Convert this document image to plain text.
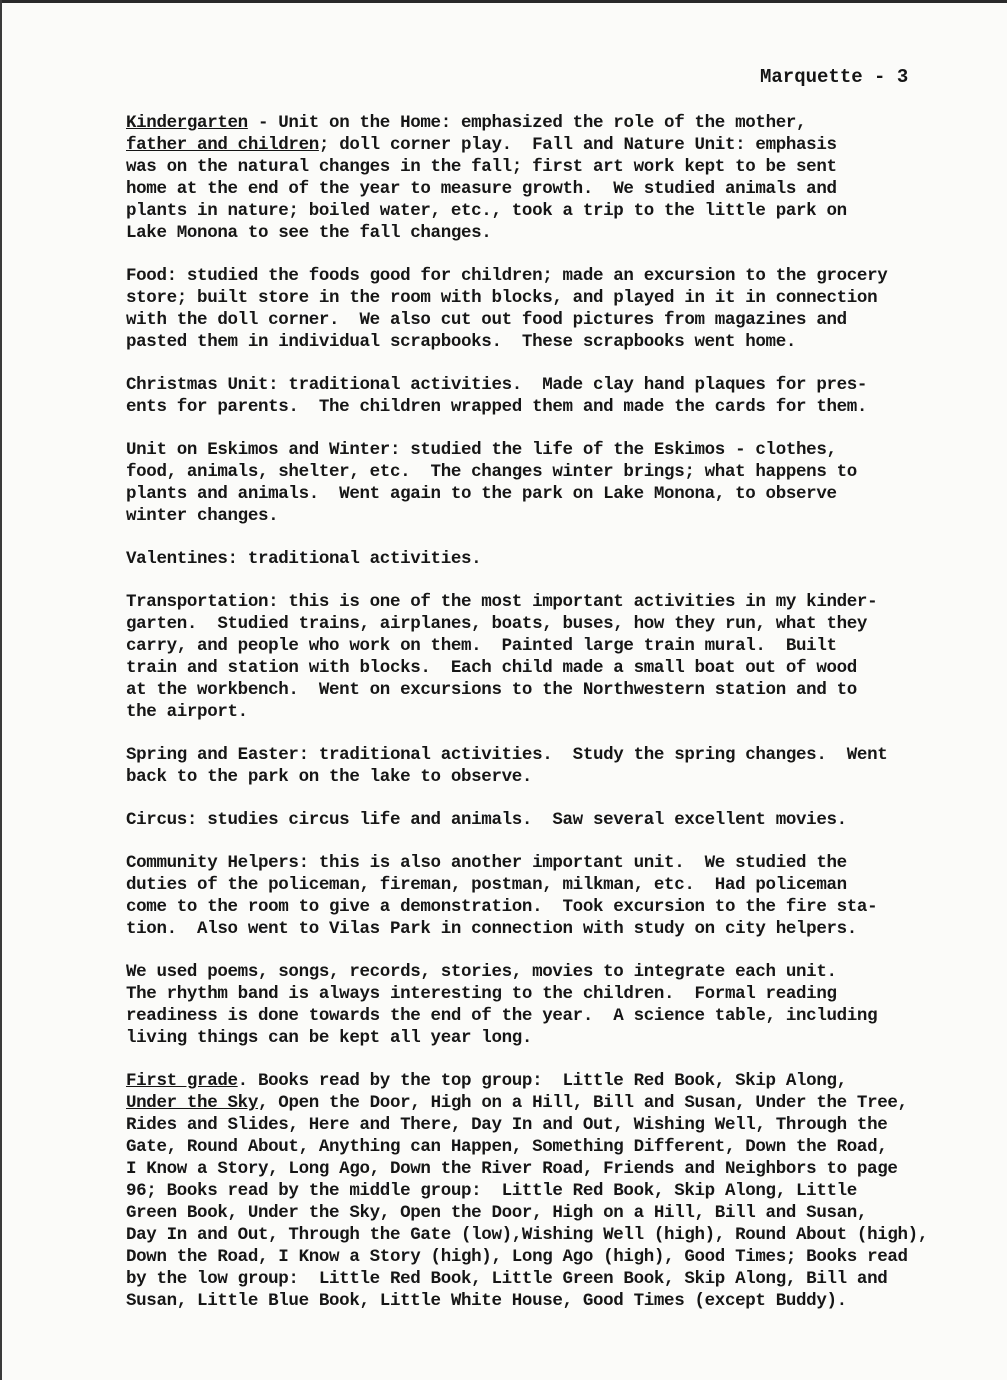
Marquette - 3

Kindergarten - Unit on the Home: emphasized the role of the mother,
father and children; doll corner play.  Fall and Nature Unit: emphasis
was on the natural changes in the fall; first art work kept to be sent
home at the end of the year to measure growth.  We studied animals and
plants in nature; boiled water, etc., took a trip to the little park on
Lake Monona to see the fall changes.

Food: studied the foods good for children; made an excursion to the grocery
store; built store in the room with blocks, and played in it in connection
with the doll corner.  We also cut out food pictures from magazines and
pasted them in individual scrapbooks.  These scrapbooks went home.

Christmas Unit: traditional activities.  Made clay hand plaques for pres-
ents for parents.  The children wrapped them and made the cards for them.

Unit on Eskimos and Winter: studied the life of the Eskimos - clothes,
food, animals, shelter, etc.  The changes winter brings; what happens to
plants and animals.  Went again to the park on Lake Monona, to observe
winter changes.

Valentines: traditional activities.

Transportation: this is one of the most important activities in my kinder-
garten.  Studied trains, airplanes, boats, buses, how they run, what they
carry, and people who work on them.  Painted large train mural.  Built
train and station with blocks.  Each child made a small boat out of wood
at the workbench.  Went on excursions to the Northwestern station and to
the airport.

Spring and Easter: traditional activities.  Study the spring changes.  Went
back to the park on the lake to observe.

Circus: studies circus life and animals.  Saw several excellent movies.

Community Helpers: this is also another important unit.  We studied the
duties of the policeman, fireman, postman, milkman, etc.  Had policeman
come to the room to give a demonstration.  Took excursion to the fire sta-
tion.  Also went to Vilas Park in connection with study on city helpers.

We used poems, songs, records, stories, movies to integrate each unit.
The rhythm band is always interesting to the children.  Formal reading
readiness is done towards the end of the year.  A science table, including
living things can be kept all year long.

First grade. Books read by the top group:  Little Red Book, Skip Along,
Under the Sky, Open the Door, High on a Hill, Bill and Susan, Under the Tree,
Rides and Slides, Here and There, Day In and Out, Wishing Well, Through the
Gate, Round About, Anything can Happen, Something Different, Down the Road,
I Know a Story, Long Ago, Down the River Road, Friends and Neighbors to page
96; Books read by the middle group:  Little Red Book, Skip Along, Little
Green Book, Under the Sky, Open the Door, High on a Hill, Bill and Susan,
Day In and Out, Through the Gate (low),Wishing Well (high), Round About (high),
Down the Road, I Know a Story (high), Long Ago (high), Good Times; Books read
by the low group:  Little Red Book, Little Green Book, Skip Along, Bill and
Susan, Little Blue Book, Little White House, Good Times (except Buddy).
